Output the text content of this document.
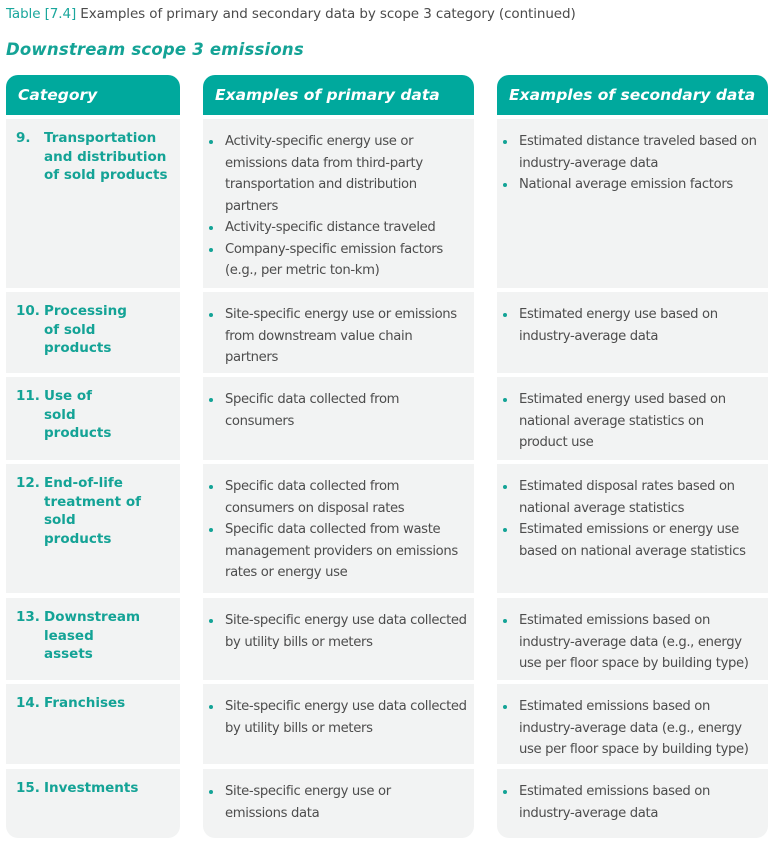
Table [7.4] Examples of primary and secondary data by scope 3 category (continued)
Downstream scope 3 emissions
Category
9. Transportation and distribution of sold products
10. Processing of sold products
11. Use of sold products
12. End-of-life treatment of sold products
13. Downstream leased assets
14. Franchises
15. Investments
Examples of primary data
Activity-specific energy use or emissions data from third-party transportation and distribution partners
Activity-specific distance traveled
Company-specific emission factors (e.g., per metric ton-km)
Site-specific energy use or emissions from downstream value chain partners
Specific data collected from consumers
Specific data collected from consumers on disposal rates
Specific data collected from waste management providers on emissions rates or energy use
Site-specific energy use data collected by utility bills or meters
Site-specific energy use data collected by utility bills or meters
Site-specific energy use or emissions data
Examples of secondary data
Estimated distance traveled based on industry-average data
National average emission factors
Estimated energy use based on industry-average data
Estimated energy used based on national average statistics on product use
Estimated disposal rates based on national average statistics
Estimated emissions or energy use based on national average statistics
Estimated emissions based on industry-average data (e.g., energy use per floor space by building type)
Estimated emissions based on industry-average data (e.g., energy use per floor space by building type)
Estimated emissions based on industry-average data
